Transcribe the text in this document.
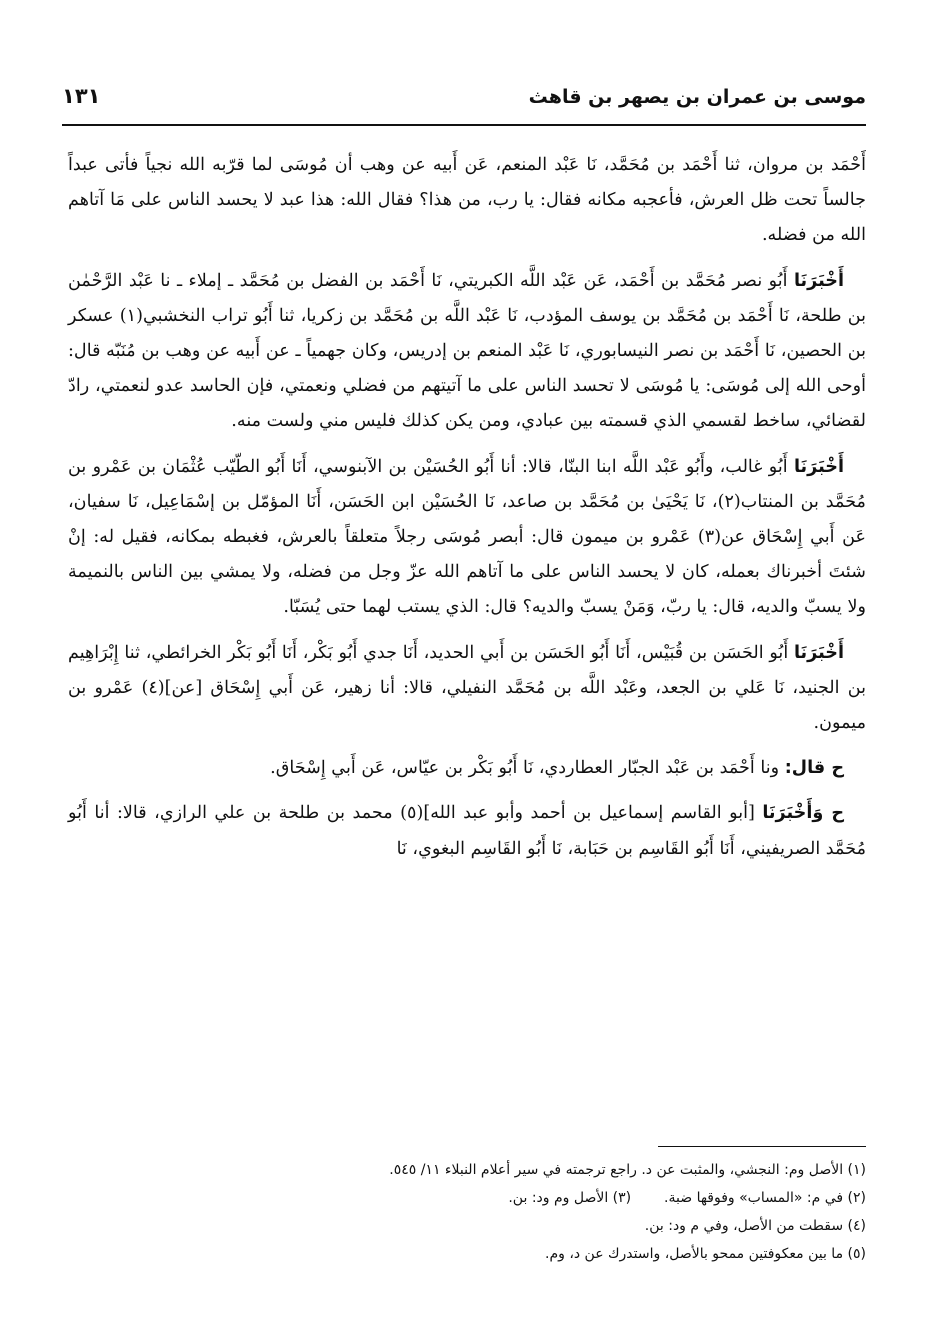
موسى بن عمران بن يصهر بن قاهث
١٣١

أَحْمَد بن مروان، ثنا أَحْمَد بن مُحَمَّد، نَا عَبْد المنعم، عَن أَبيه عن وهب أن مُوسَى لما قرّبه الله نجياً فأتى عبداً جالساً تحت ظل العرش، فأعجبه مكانه فقال: يا رب، من هذا؟ فقال الله: هذا عبد لا يحسد الناس على مَا آتاهم الله من فضله.

أَخْبَرَنَا أَبُو نصر مُحَمَّد بن أَحْمَد، عَن عَبْد اللَّه الكبريتي، نَا أَحْمَد بن الفضل بن مُحَمَّد ـ إملاء ـ نا عَبْد الرَّحْمٰن بن طلحة، نَا أَحْمَد بن مُحَمَّد بن يوسف المؤدب، نَا عَبْد اللَّه بن مُحَمَّد بن زكريا، ثنا أَبُو تراب النخشبي(١) عسكر بن الحصين، نَا أَحْمَد بن نصر النيسابوري، نَا عَبْد المنعم بن إدريس، وكان جهمياً ـ عن أَبيه عن وهب بن مُنَبّه قال: أوحى الله إلى مُوسَى: يا مُوسَى لا تحسد الناس على ما آتيتهم من فضلي ونعمتي، فإن الحاسد عدو لنعمتي، رادّ لقضائي، ساخط لقسمي الذي قسمته بين عبادي، ومن يكن كذلك فليس مني ولست منه.

أَخْبَرَنَا أَبُو غالب، وأَبُو عَبْد اللَّه ابنا البنّا، قالا: أنا أَبُو الحُسَيْن بن الآبنوسي، أَنَا أَبُو الطّيّب عُثْمَان بن عَمْرو بن مُحَمَّد بن المنتاب(٢)، نَا يَحْيَىٰ بن مُحَمَّد بن صاعد، نَا الحُسَيْن ابن الحَسَن، أَنَا المؤمّل بن إسْمَاعِيل، نَا سفيان، عَن أَبي إِسْحَاق عن(٣) عَمْرو بن ميمون قال: أبصر مُوسَى رجلاً متعلقاً بالعرش، فغبطه بمكانه، فقيل له: إنْ شئتَ أخبرناك بعمله، كان لا يحسد الناس على ما آتاهم الله عزّ وجل من فضله، ولا يمشي بين الناس بالنميمة ولا يسبّ والديه، قال: يا ربّ، وَمَنْ يسبّ والديه؟ قال: الذي يستب لهما حتى يُسَبّا.

أَخْبَرَنَا أَبُو الحَسَن بن قُبَيْس، أَنَا أَبُو الحَسَن بن أَبي الحديد، أَنَا جدي أَبُو بَكْر، أَنَا أَبُو بَكْر الخرائطي، ثنا إِبْرَاهِيم بن الجنيد، نَا عَلي بن الجعد، وعَبْد اللَّه بن مُحَمَّد النفيلي، قالا: أنا زهير، عَن أَبي إِسْحَاق [عن](٤) عَمْرو بن ميمون.

ح قال: ونا أَحْمَد بن عَبْد الجبّار العطاردي، نَا أَبُو بَكْر بن عيّاس، عَن أَبي إِسْحَاق.

ح وَأَخْبَرَنَا [أبو القاسم إسماعيل بن أحمد وأبو عبد الله](٥) محمد بن طلحة بن علي الرازي، قالا: أنا أَبُو مُحَمَّد الصريفيني، أَنَا أَبُو القَاسِم بن حَبَابة، نَا أَبُو القَاسِم البغوي، نَا

(١) الأصل وم: النجشي، والمثبت عن د. راجع ترجمته في سير أعلام النبلاء ١١/ ٥٤٥.
(٢) في م: «المساب» وفوقها ضبة.  (٣) الأصل وم ود: بن.
(٤) سقطت من الأصل، وفي م ود: بن.
(٥) ما بين معكوفتين ممحو بالأصل، واستدرك عن د، وم.
